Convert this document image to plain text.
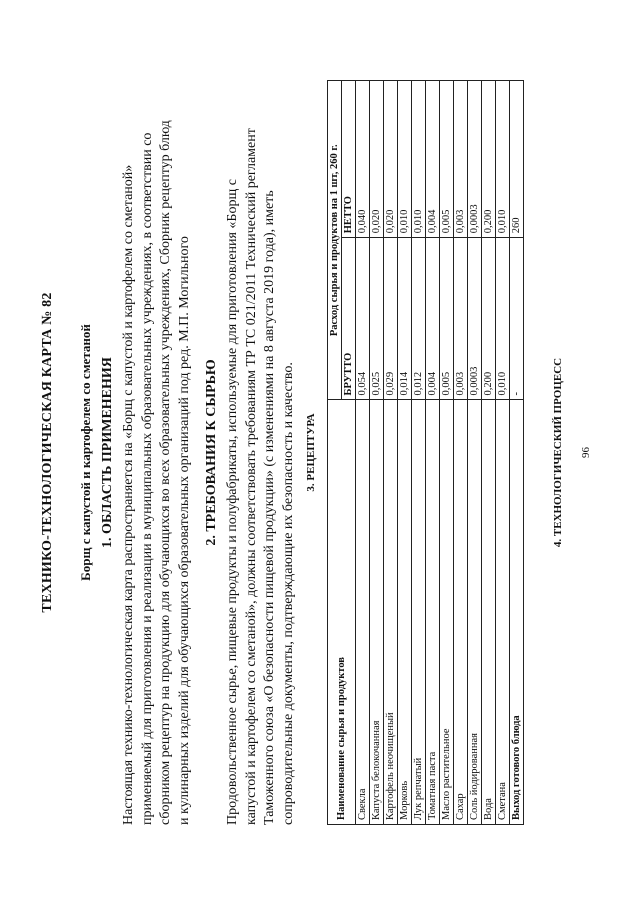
ТЕХНИКО-ТЕХНОЛОГИЧЕСКАЯ КАРТА № 82 Борщ с капустой и картофелем со сметаной 1. ОБЛАСТЬ ПРИМЕНЕНИЯ Настоящая технико-технологическая карта распространяется на «Борщ с капустой и картофелем со сметаной» применяемый для приготовления и реализации в муниципальных образовательных учреждениях, в соответствии со сборником рецептур на продукцию для обучающихся во всех образовательных учреждениях, Сборник рецептур блюд и кулинарных изделий для обучающихся образовательных организаций под ред. М.П. Могильного 2. ТРЕБОВАНИЯ К СЫРЬЮ Продовольственное сырье, пищевые продукты и полуфабрикаты, используемые для приготовления «Борщ с капустой и картофелем со сметаной», должны соответствовать требованиям ТР ТС 021/2011 Технический регламент Таможенного союза «О безопасности пищевой продукции» (с изменениями на 8 августа 2019 года), иметь сопроводительные документы, подтверждающие их безопасность и качество. 3. РЕЦЕПТУРА
Наименование сырья и продуктов	Расход сырья и продуктов на 1 шт, 260 г.	
	БРУТТО	НЕТТО
Свекла	0,054	0,040
Капуста белокочанная	0,025	0,020
Картофель неочищеный	0,029	0,020
Морковь	0,014	0,010
Лук репчатый	0,012	0,010
Томатная паста	0,004	0,004
Масло растительное	0,005	0,005
Сахар	0,003	0,003
Соль йодированная	0,0003	0,0003
Вода	0,200	0,200
Сметана	0,010	0,010
Выход готового блюда	-	260
4. ТЕХНОЛОГИЧЕСКИЙ ПРОЦЕСС 96
